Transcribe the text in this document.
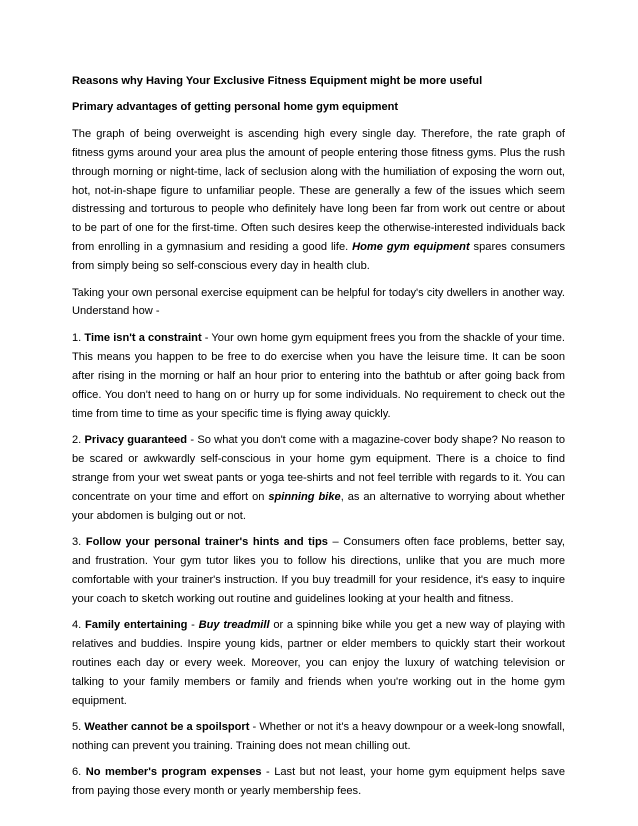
Reasons why Having Your Exclusive Fitness Equipment might be more useful

Primary advantages of getting personal home gym equipment

The graph of being overweight is ascending high every single day. Therefore, the rate graph of fitness gyms around your area plus the amount of people entering those fitness gyms. Plus the rush through morning or night-time, lack of seclusion along with the humiliation of exposing the worn out, hot, not-in-shape figure to unfamiliar people. These are generally a few of the issues which seem distressing and torturous to people who definitely have long been far from work out centre or about to be part of one for the first-time. Often such desires keep the otherwise-interested individuals back from enrolling in a gymnasium and residing a good life. Home gym equipment spares consumers from simply being so self-conscious every day in health club.

Taking your own personal exercise equipment can be helpful for today's city dwellers in another way. Understand how -

1. Time isn't a constraint - Your own home gym equipment frees you from the shackle of your time. This means you happen to be free to do exercise when you have the leisure time. It can be soon after rising in the morning or half an hour prior to entering into the bathtub or after going back from office. You don't need to hang on or hurry up for some individuals. No requirement to check out the time from time to time as your specific time is flying away quickly.

2. Privacy guaranteed - So what you don't come with a magazine-cover body shape? No reason to be scared or awkwardly self-conscious in your home gym equipment. There is a choice to find strange from your wet sweat pants or yoga tee-shirts and not feel terrible with regards to it. You can concentrate on your time and effort on spinning bike, as an alternative to worrying about whether your abdomen is bulging out or not.

3. Follow your personal trainer's hints and tips – Consumers often face problems, better say, and frustration. Your gym tutor likes you to follow his directions, unlike that you are much more comfortable with your trainer's instruction. If you buy treadmill for your residence, it's easy to inquire your coach to sketch working out routine and guidelines looking at your health and fitness.

4. Family entertaining - Buy treadmill or a spinning bike while you get a new way of playing with relatives and buddies. Inspire young kids, partner or elder members to quickly start their workout routines each day or every week. Moreover, you can enjoy the luxury of watching television or talking to your family members or family and friends when you're working out in the home gym equipment.

5. Weather cannot be a spoilsport - Whether or not it's a heavy downpour or a week-long snowfall, nothing can prevent you training. Training does not mean chilling out.

6. No member's program expenses - Last but not least, your home gym equipment helps save from paying those every month or yearly membership fees.
